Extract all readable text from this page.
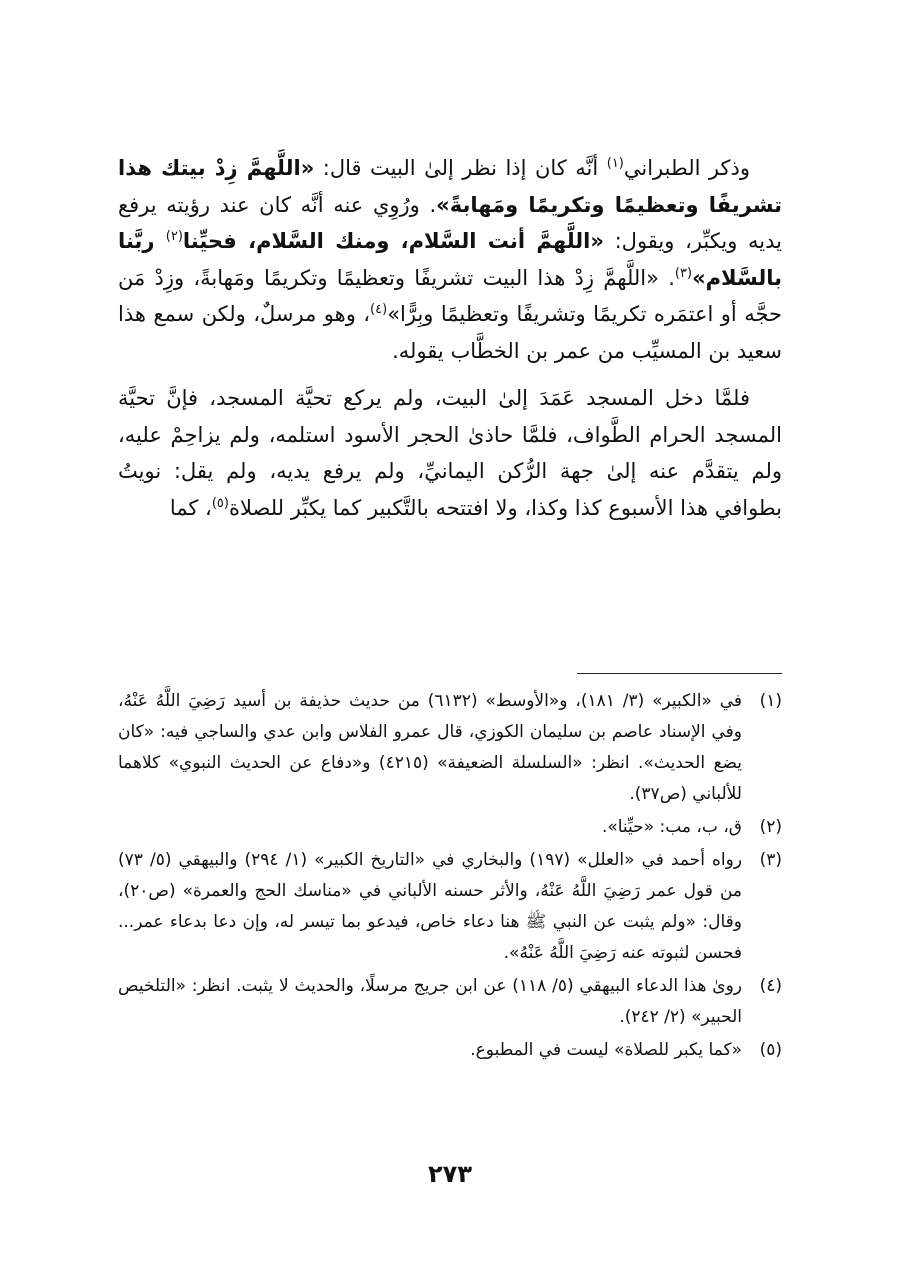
وذكر الطبراني$^{(١)}$ أنَّه كان إذا نظر إلىٰ البيت قال: «اللَّهمَّ زِدْ بيتك هذا تشريفًا وتعظيمًا وتكريمًا ومَهابةً». ورُوِي عنه أنَّه كان عند رؤيته يرفع يديه ويكبِّر، ويقول: «اللَّهمَّ أنت السَّلام، ومنك السَّلام، فحيِّنا$^{(٢)}$ ربَّنا بالسَّلام»$^{(٣)}$. «اللَّهمَّ زِدْ هذا البيت تشريفًا وتعظيمًا وتكريمًا ومَهابةً، وزِدْ مَن حجَّه أو اعتمَره تكريمًا وتشريفًا وتعظيمًا وبِرًّا»$^{(٤)}$، وهو مرسلٌ، ولكن سمع هذا سعيد بن المسيِّب من عمر بن الخطَّاب يقوله.

فلمَّا دخل المسجد عَمَدَ إلىٰ البيت، ولم يركع تحيَّة المسجد، فإنَّ تحيَّة المسجد الحرام الطَّواف، فلمَّا حاذىٰ الحجر الأسود استلمه، ولم يزاحِمْ عليه، ولم يتقدَّم عنه إلىٰ جهة الرُّكن اليمانيِّ، ولم يرفع يديه، ولم يقل: نويتُ بطوافي هذا الأسبوع كذا وكذا، ولا افتتحه بالتَّكبير كما يكبِّر للصلاة$^{(٥)}$، كما

(١)
في «الكبير» (٣/ ١٨١)، و«الأوسط» (٦١٣٢) من حديث حذيفة بن أسيد رَضِيَ اللَّهُ عَنْهُ، وفي الإسناد عاصم بن سليمان الكوزي، قال عمرو الفلاس وابن عدي والساجي فيه: «كان يضع الحديث». انظر: «السلسلة الضعيفة» (٤٢١٥) و«دفاع عن الحديث النبوي» كلاهما للألباني (ص٣٧).
(٢)
ق، ب، مب: «حيِّنا».
(٣)
رواه أحمد في «العلل» (١٩٧) والبخاري في «التاريخ الكبير» (١/ ٢٩٤) والبيهقي (٥/ ٧٣) من قول عمر رَضِيَ اللَّهُ عَنْهُ، والأثر حسنه الألباني في «مناسك الحج والعمرة» (ص٢٠)، وقال: «ولم يثبت عن النبي ﷺ هنا دعاء خاص، فيدعو بما تيسر له، وإن دعا بدعاء عمر... فحسن لثبوته عنه رَضِيَ اللَّهُ عَنْهُ».
(٤)
روىٰ هذا الدعاء البيهقي (٥/ ١١٨) عن ابن جريج مرسلًا، والحديث لا يثبت. انظر: «التلخيص الحبير» (٢/ ٢٤٢).
(٥)
«كما يكبر للصلاة» ليست في المطبوع.
٢٧٣
